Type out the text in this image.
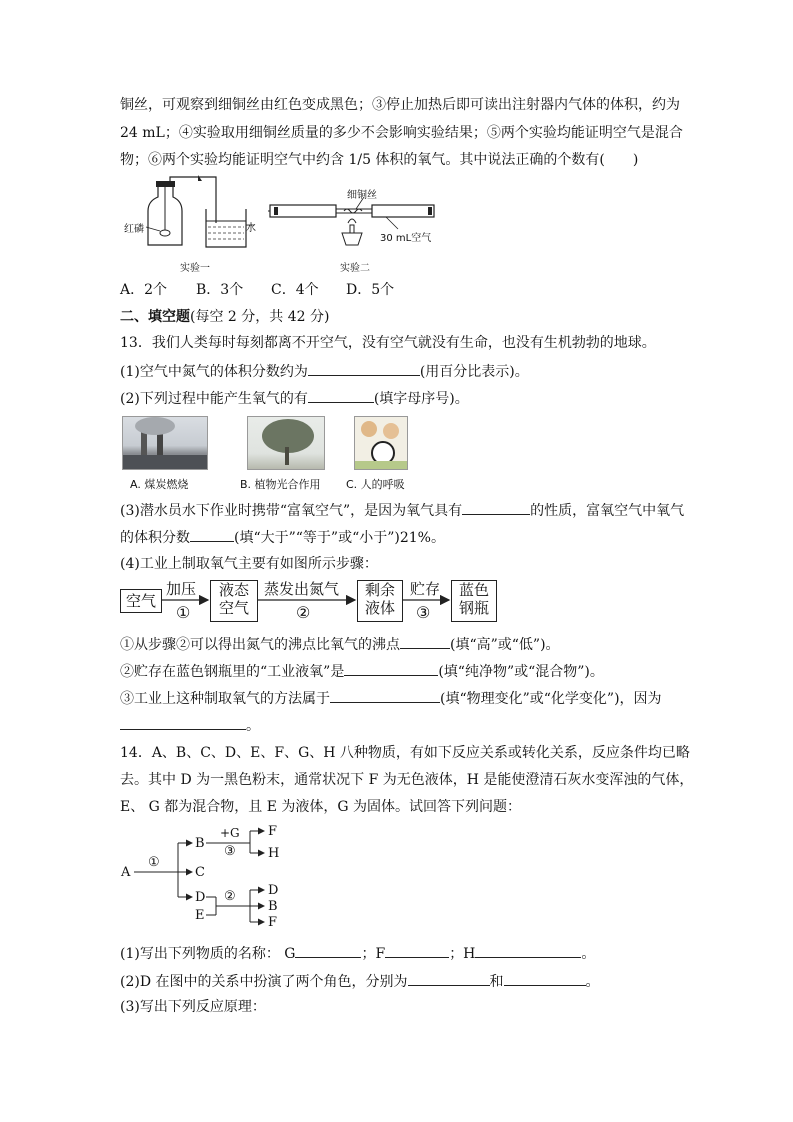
铜丝，可观察到细铜丝由红色变成黑色；③停止加热后即可读出注射器内气体的体积，约为
24 mL；④实验取用细铜丝质量的多少不会影响实验结果；⑤两个实验均能证明空气是混合
物；⑥两个实验均能证明空气中约含 1/5 体积的氧气。其中说法正确的个数有(　　)
红磷	水
实验一
细铜丝
30 mL空气
实验二
A．2个 B．3个 C．4个 D．5个
二、填空题(每空 2 分，共 42 分)
13．我们人类每时每刻都离不开空气，没有空气就没有生命，也没有生机勃勃的地球。
(1)空气中氮气的体积分数约为	(用百分比表示)。
(2)下列过程中能产生氧气的有	(填字母序号)。
A. 煤炭燃烧	B. 植物光合作用 C. 人的呼吸
(3)潜水员水下作业时携带“富氧空气”，是因为氧气具有	的性质，富氧空气中氧气
的体积分数	(填“大于”“等于”或“小于”)21%。
(4)工业上制取氧气主要有如图所示步骤：
空气
加压
①
液态
空气
蒸发出氮气
②
剩余
液体
贮存
③
蓝色
钢瓶
①从步骤②可以得出氮气的沸点比氧气的沸点	(填“高”或“低”)。
②贮存在蓝色钢瓶里的“工业液氧”是	(填“纯净物”或“混合物”)。
③工业上这种制取氧气的方法属于	(填“物理变化”或“化学变化”)，因为
。
14．A、B、C、D、E、F、G、H 八种物质，有如下反应关系或转化关系，反应条件均已略
去。其中 D 为一黑色粉末，通常状况下 F 为无色液体，H 是能使澄清石灰水变浑浊的气体，
E、 G 都为混合物，且 E 为液体，G 为固体。试回答下列问题：
A
①
B
C
D
E
+G
③
②
F
H
D
B
F
(1)写出下列物质的名称： G	；F	；H	。
(2)D 在图中的关系中扮演了两个角色，分别为	和	。
(3)写出下列反应原理：
